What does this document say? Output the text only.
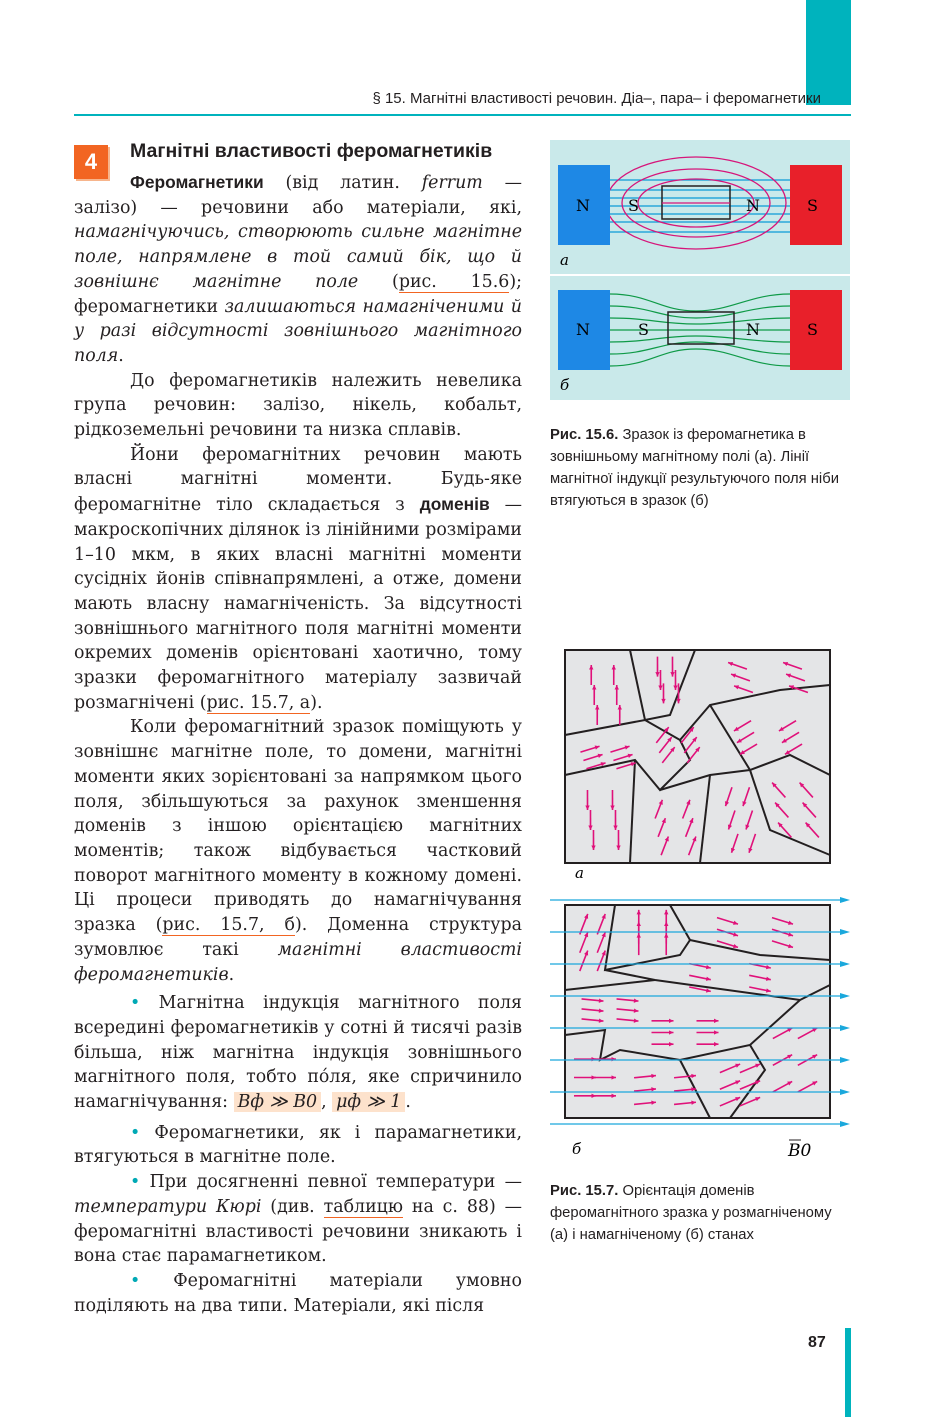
§ 15. Магнітні властивості речовин. Діа–, пара– і феромагнетики
4	Магнітні властивості феромагнетиків

Феромагнетики (від латин. ferrum — залізо) — речовини або матеріали, які, намагнічуючись, створюють сильне магнітне поле, напрямлене в той самий бік, що й зовнішнє магнітне поле (рис. 15.6); феромагнетики залишаються намагніченими й у разі відсутності зовнішнього магнітного поля.

До феромагнетиків належить невелика група речовин: залізо, нікель, кобальт, рідкоземельні речовини та низка сплавів.

Йони феромагнітних речовин мають власні магнітні моменти. Будь-яке феромагнітне тіло складається з доменів — макроскопічних ділянок із лінійними розмірами 1–10 мкм, в яких власні магнітні моменти сусідніх йонів співнапрямлені, а отже, домени мають власну намагніченість. За відсутності зовнішнього магнітного поля магнітні моменти окремих доменів орієнтовані хаотично, тому зразки феромагнітного матеріалу зазвичай розмагнічені (рис. 15.7, а).

Коли феромагнітний зразок поміщують у зовнішнє магнітне поле, то домени, магнітні моменти яких зорієнтовані за напрямком цього поля, збільшуються за рахунок зменшення доменів з іншою орієнтацією магнітних моментів; також відбувається частковий поворот магнітного моменту в кожному домені. Ці процеси приводять до намагнічування зразка (рис. 15.7, б). Доменна структура зумовлює такі магнітні властивості феромагнетиків.

• Магнітна індукція магнітного поля всередині феромагнетиків у сотні й тисячі разів більша, ніж магнітна індукція зовнішнього магнітного поля, тобто по́ля, яке спричинило намагнічування: Bф ≫ B0 , μф ≫ 1 .

• Феромагнетики, як і парамагнетики, втягуються в магнітне поле.

• При досягненні певної температури — температури Кюрі (див. таблицю на с. 88) — феромагнітні властивості речовини зникають і вона стає парамагнетиком.

• Феромагнітні матеріали умовно поділяють на два типи. Матеріали, які після

N S	N	S
а
N	S	N	S
б
Рис. 15.6. Зразок із феромагнетика в зовнішньому магнітному полі (а). Лінії магнітної індукції результуючого поля ніби втягуються в зразок (б)
а
б	B0
Рис. 15.7. Орієнтація доменів феромагнітного зразка у розмагніченому (а) і намагніченому (б) станах
87
